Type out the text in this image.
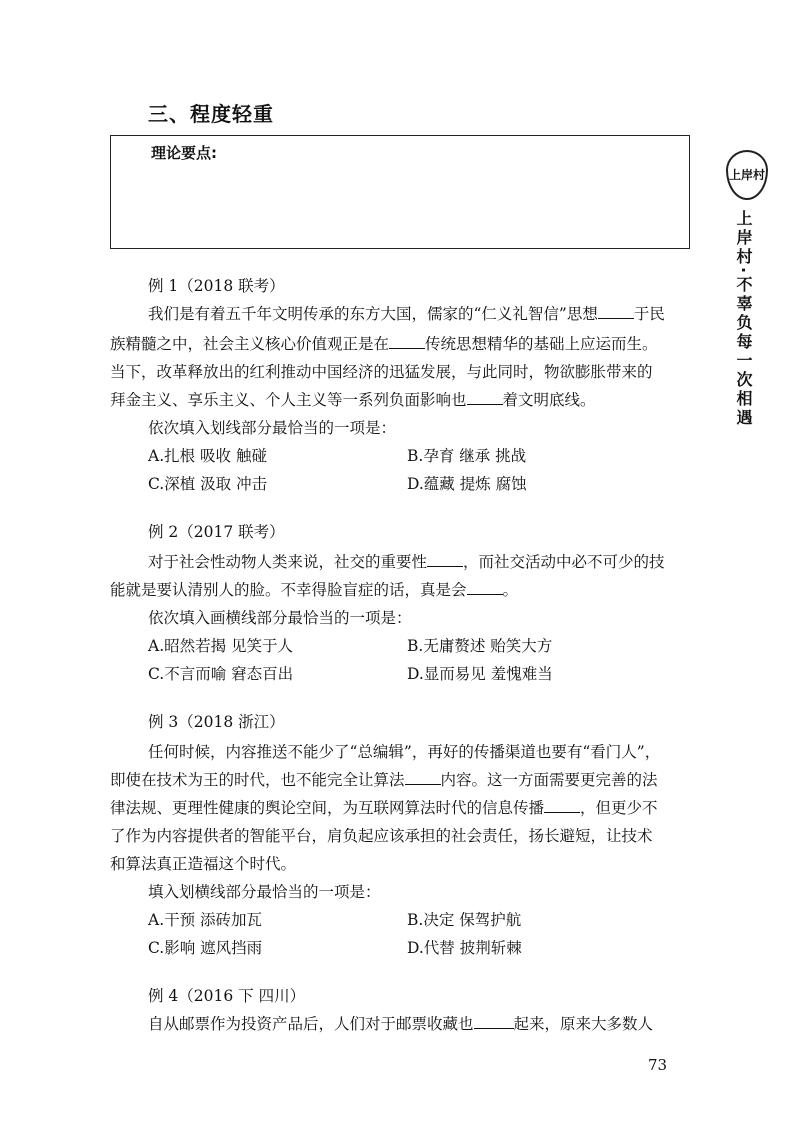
三、程度轻重
理论要点:
上岸村
上岸村·不辜负每一次相遇
例 1（2018 联考）
我们是有着五千年文明传承的东方大国，儒家的“仁义礼智信”思想 于民
族精髓之中，社会主义核心价值观正是在 传统思想精华的基础上应运而生。
当下，改革释放出的红利推动中国经济的迅猛发展，与此同时，物欲膨胀带来的
拜金主义、享乐主义、个人主义等一系列负面影响也 着文明底线。
依次填入划线部分最恰当的一项是：
A.扎根 吸收 触碰	B.孕育 继承 挑战
C.深植 汲取 冲击	D.蕴藏 提炼 腐蚀
例 2（2017 联考）
对于社会性动物人类来说，社交的重要性 ，而社交活动中必不可少的技
能就是要认清别人的脸。不幸得脸盲症的话，真是会 。
依次填入画横线部分最恰当的一项是：
A.昭然若揭 见笑于人	B.无庸赘述 贻笑大方
C.不言而喻 窘态百出	D.显而易见 羞愧难当
例 3（2018 浙江）
任何时候，内容推送不能少了“总编辑”，再好的传播渠道也要有“看门人”，
即使在技术为王的时代，也不能完全让算法 内容。这一方面需要更完善的法
律法规、更理性健康的舆论空间，为互联网算法时代的信息传播 ，但更少不
了作为内容提供者的智能平台，肩负起应该承担的社会责任，扬长避短，让技术
和算法真正造福这个时代。
填入划横线部分最恰当的一项是：
A.干预 添砖加瓦	B.决定 保驾护航
C.影响 遮风挡雨	D.代替 披荆斩棘
例 4（2016 下 四川）
自从邮票作为投资产品后，人们对于邮票收藏也	起来，原来大多数人
73
